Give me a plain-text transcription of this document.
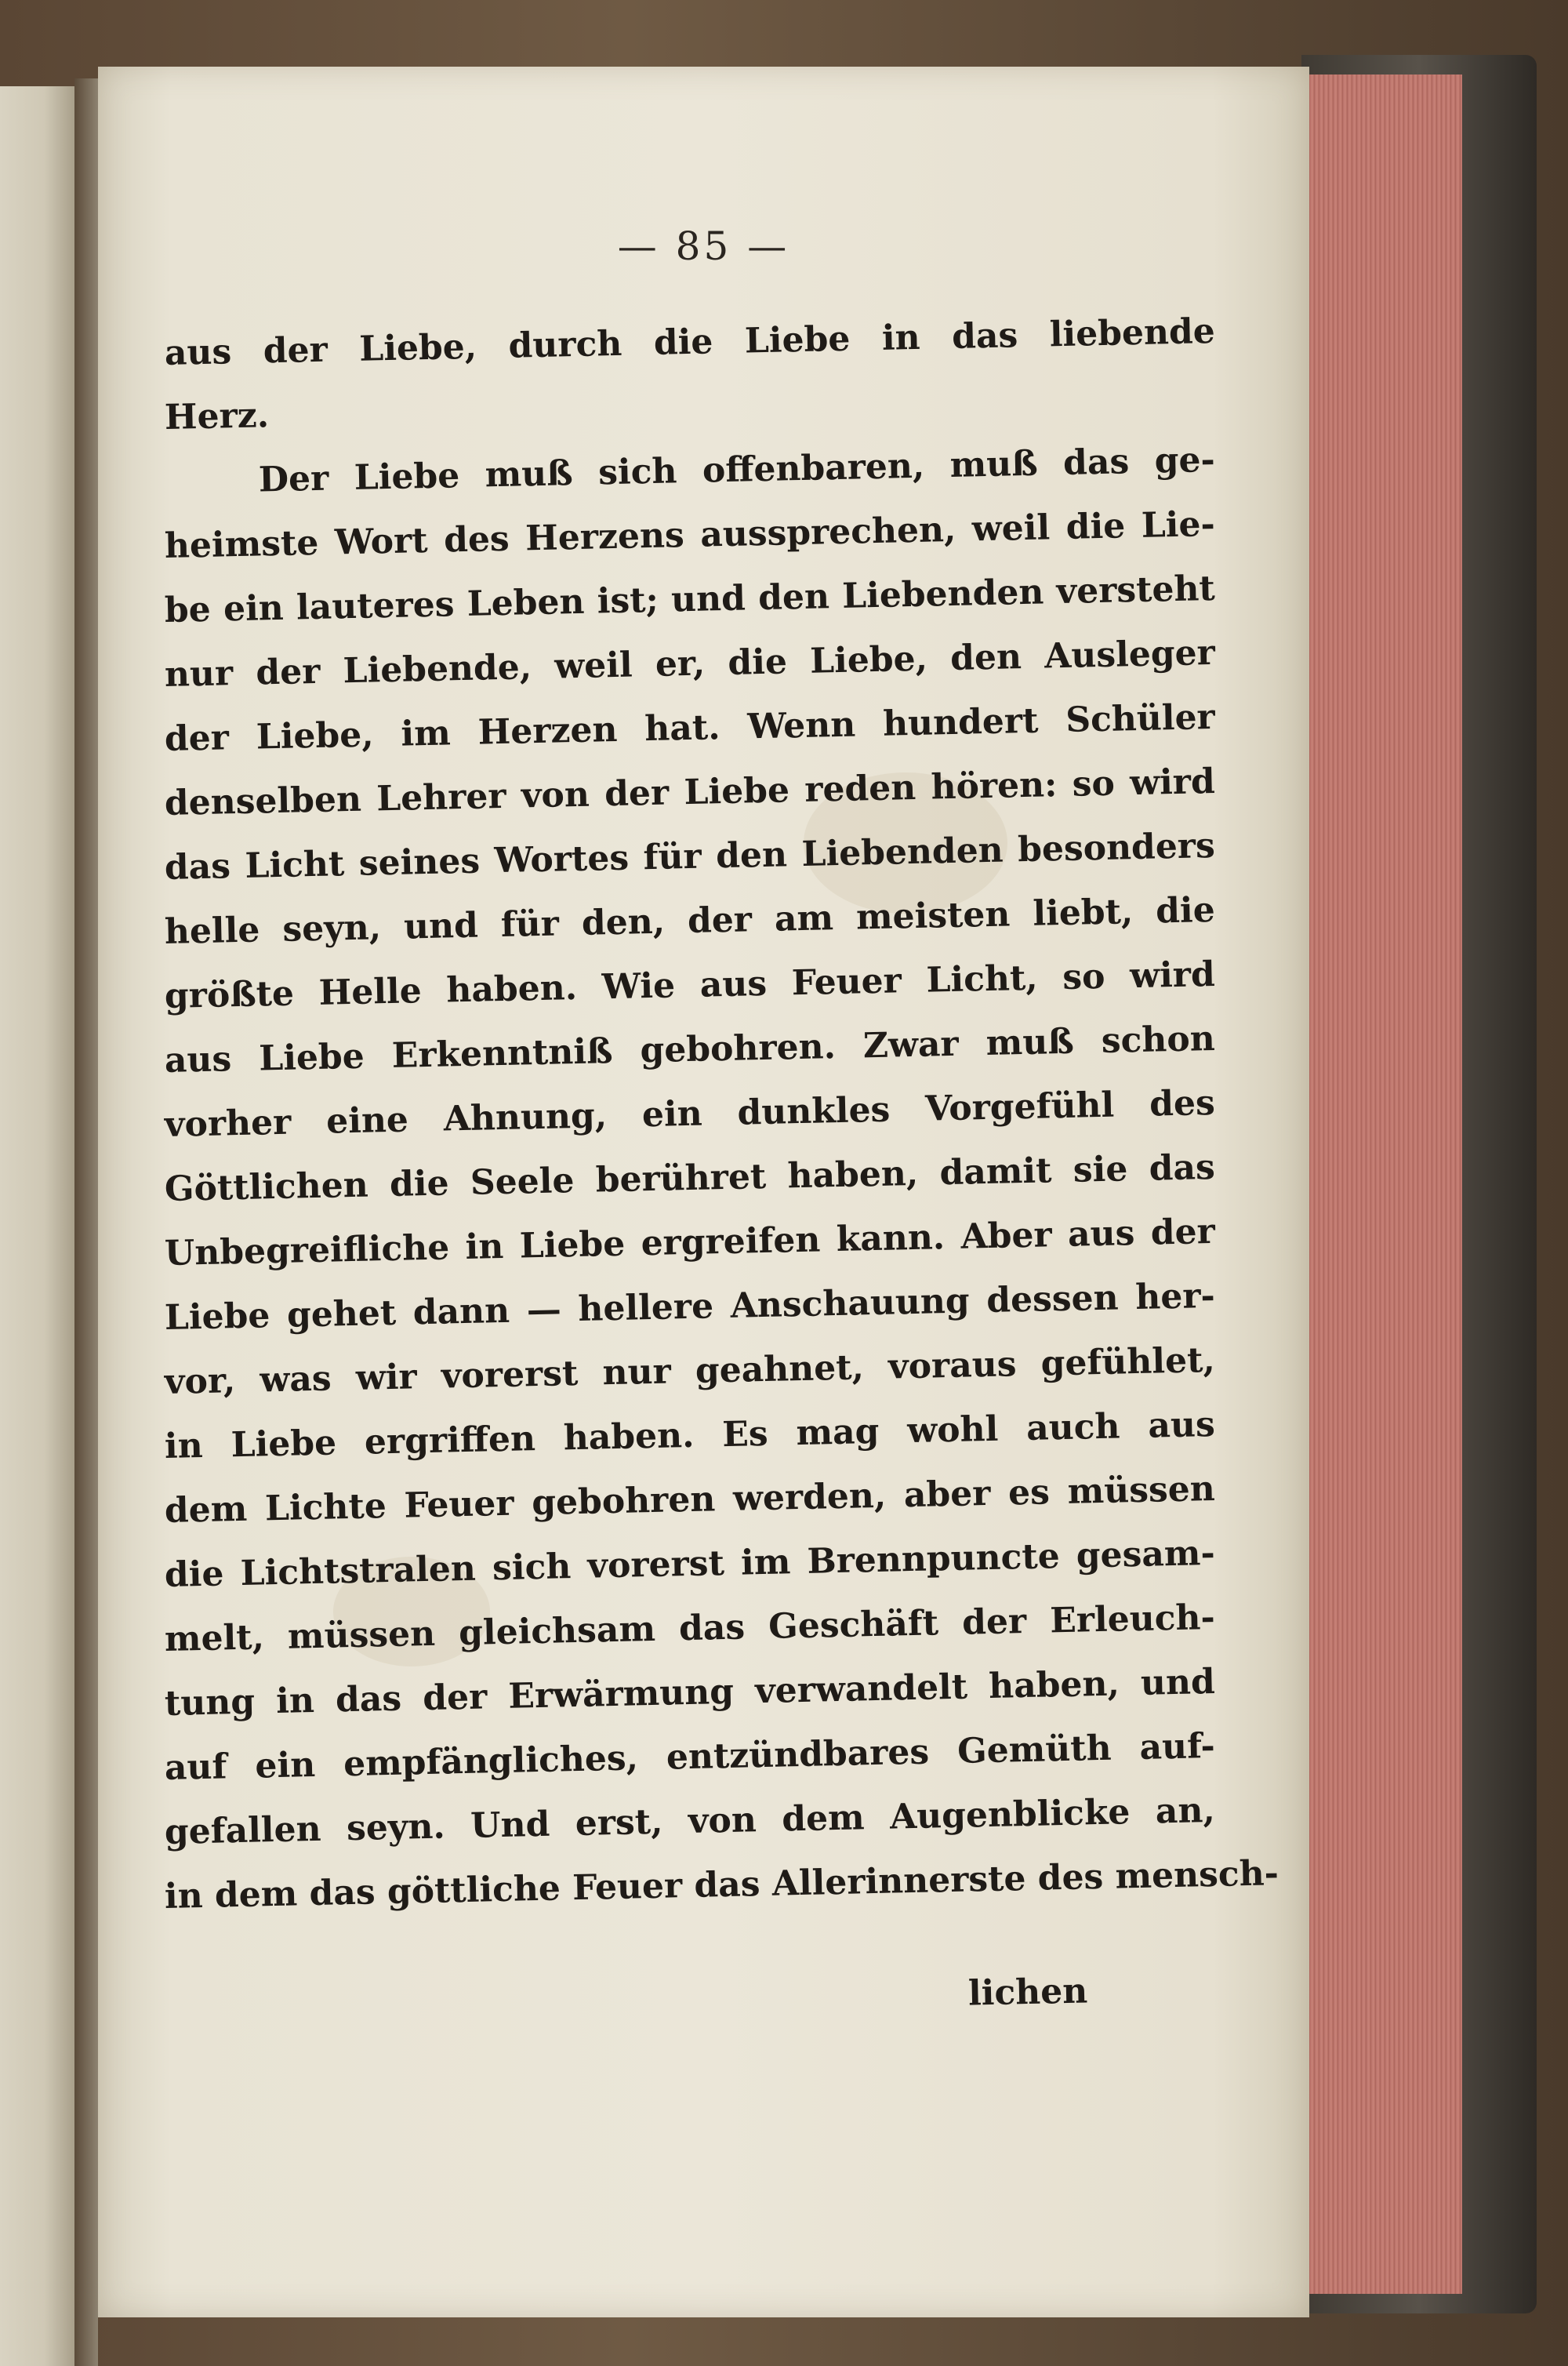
— 85 —
aus der Liebe, durch die Liebe in das liebende
Herz.
Der Liebe muß sich offenbaren, muß das ge-
heimste Wort des Herzens aussprechen, weil die Lie-
be ein lauteres Leben ist; und den Liebenden versteht
nur der Liebende, weil er, die Liebe, den Ausleger
der Liebe, im Herzen hat. Wenn hundert Schüler
denselben Lehrer von der Liebe reden hören: so wird
das Licht seines Wortes für den Liebenden besonders
helle seyn, und für den, der am meisten liebt, die
größte Helle haben. Wie aus Feuer Licht, so wird
aus Liebe Erkenntniß gebohren. Zwar muß schon
vorher eine Ahnung, ein dunkles Vorgefühl des
Göttlichen die Seele berühret haben, damit sie das
Unbegreifliche in Liebe ergreifen kann. Aber aus der
Liebe gehet dann — hellere Anschauung dessen her-
vor, was wir vorerst nur geahnet, voraus gefühlet,
in Liebe ergriffen haben. Es mag wohl auch aus
dem Lichte Feuer gebohren werden, aber es müssen
die Lichtstralen sich vorerst im Brennpuncte gesam-
melt, müssen gleichsam das Geschäft der Erleuch-
tung in das der Erwärmung verwandelt haben, und
auf ein empfängliches, entzündbares Gemüth auf-
gefallen seyn. Und erst, von dem Augenblicke an,
in dem das göttliche Feuer das Allerinnerste des mensch-
lichen
